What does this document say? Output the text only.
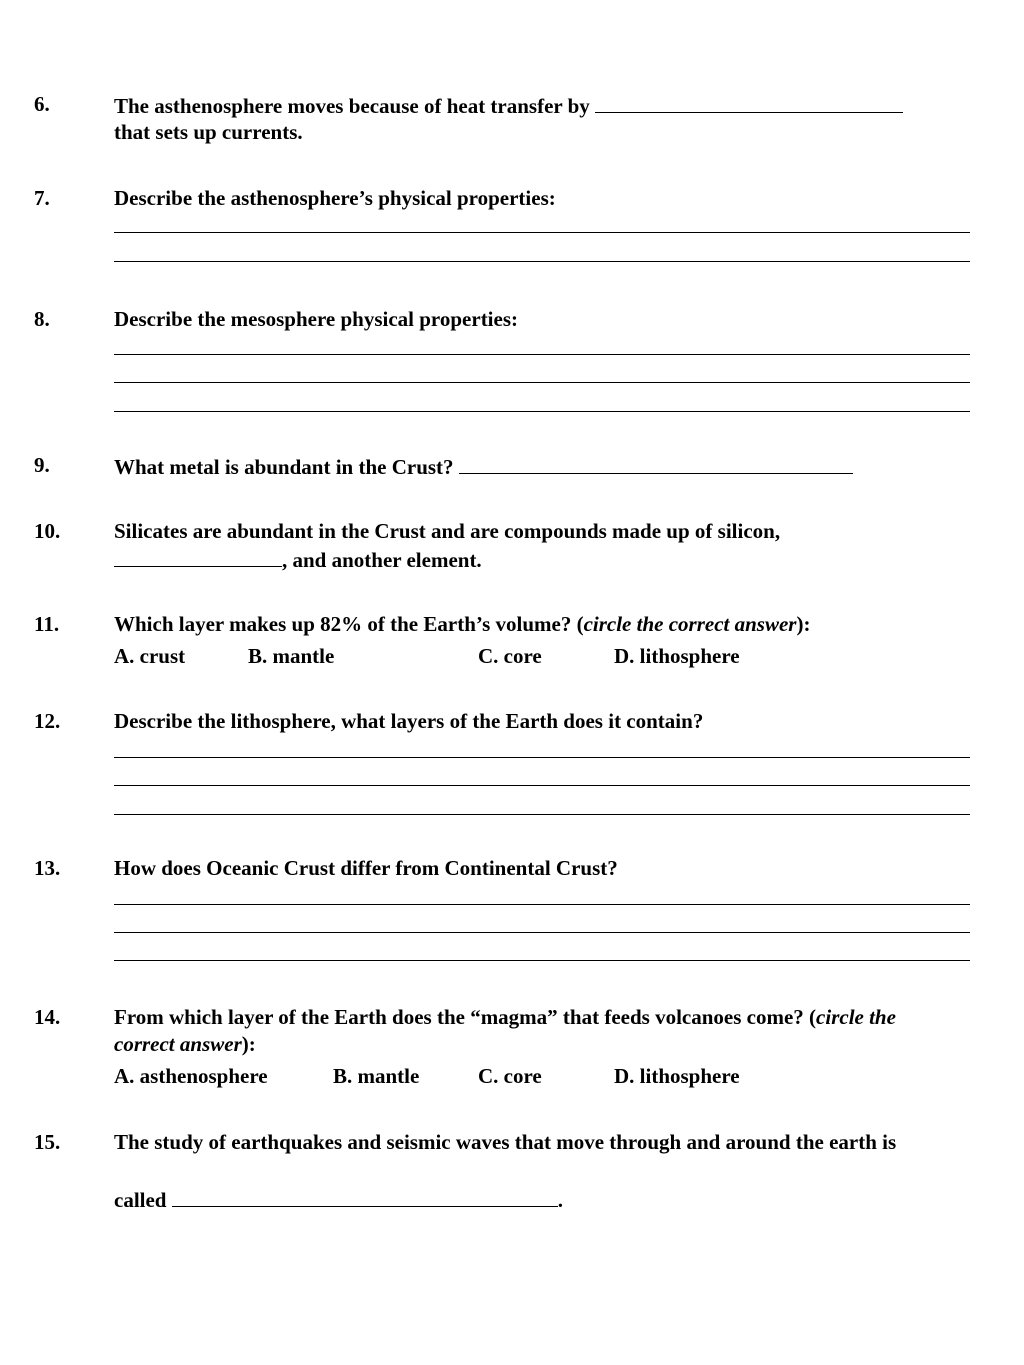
6.	The asthenosphere moves because of heat transfer by
that sets up currents.
7.	Describe the asthenosphere’s physical properties:
8.	Describe the mesosphere physical properties:
9.	What metal is abundant in the Crust?
10.	Silicates are abundant in the Crust and are compounds made up of silicon,
, and another element.
11.	Which layer makes up 82% of the Earth’s volume? (circle the correct answer):
A. crust	B. mantle	C. core	D. lithosphere
12.	Describe the lithosphere, what layers of the Earth does it contain?
13.	How does Oceanic Crust differ from Continental Crust?
14.	From which layer of the Earth does the “magma” that feeds volcanoes come? (circle the
correct answer):
A. asthenosphere	B. mantle	C. core	D. lithosphere
15.	The study of earthquakes and seismic waves that move through and around the earth is
called	.
